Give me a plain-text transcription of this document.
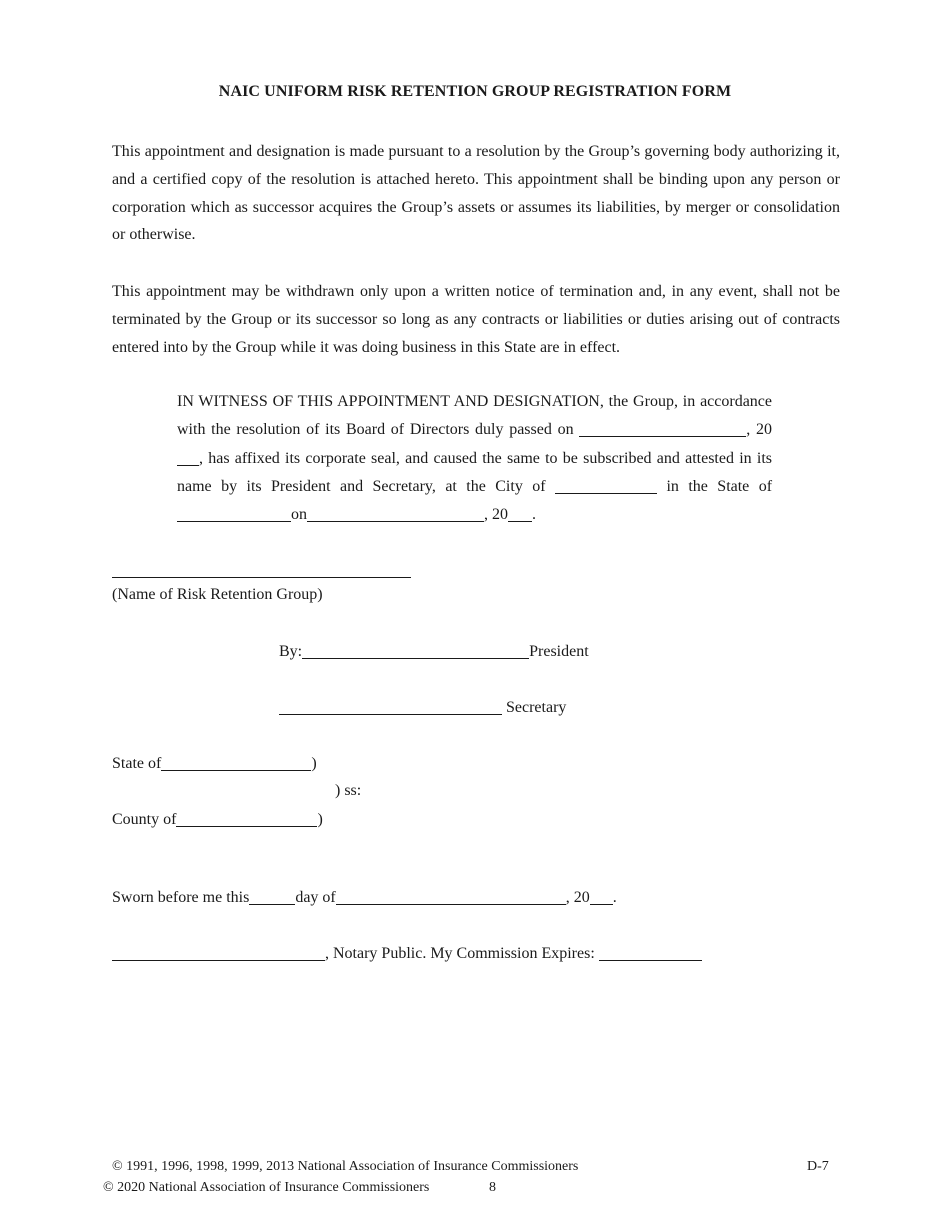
NAIC UNIFORM RISK RETENTION GROUP REGISTRATION FORM

This appointment and designation is made pursuant to a resolution by the Group’s governing body authorizing it, and a certified copy of the resolution is attached hereto. This appointment shall be binding upon any person or corporation which as successor acquires the Group’s assets or assumes its liabilities, by merger or consolidation or otherwise.

This appointment may be withdrawn only upon a written notice of termination and, in any event, shall not be terminated by the Group or its successor so long as any contracts or liabilities or duties arising out of contracts entered into by the Group while it was doing business in this State are in effect.

IN WITNESS OF THIS APPOINTMENT AND DESIGNATION, the Group, in accordance with the resolution of its Board of Directors duly passed on	, 20, has affixed its corporate seal, and caused the same to be subscribed and attested in its name by its President and Secretary, at the City of	in the State ofon	, 20 .

(Name of Risk Retention Group)
By:	President
Secretary
State of	)
) ss:
County of	)
Sworn before me this	day of	, 20 .
, Notary Public. My Commission Expires:
© 1991, 1996, 1998, 1999, 2013 National Association of Insurance Commissioners	D-7
© 2020 National Association of Insurance Commissioners	8
